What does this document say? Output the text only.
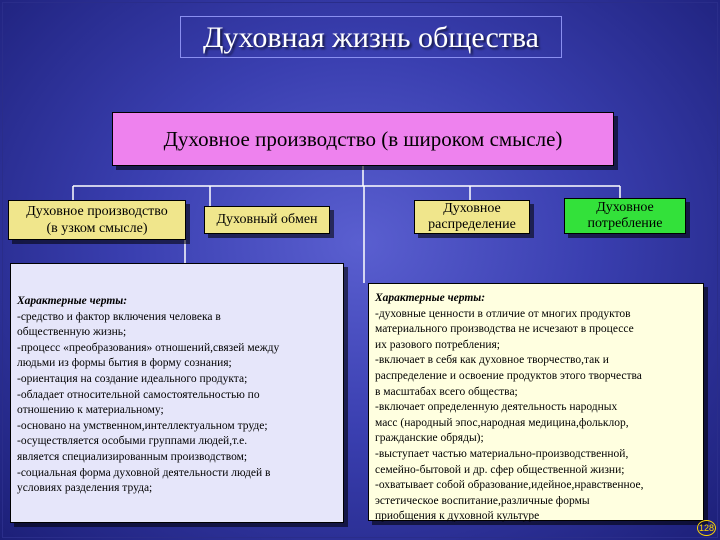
Духовная жизнь общества
Духовное производство (в широком смысле)
Духовное производство
(в узком смысле)
Духовный обмен
Духовное
распределение
Духовное
потребление
Характерные черты:
-средство и фактор включения человека в
общественную жизнь;
-процесс «преобразования» отношений,связей между
людьми из формы бытия в форму сознания;
-ориентация на создание идеального продукта;
-обладает относительной самостоятельностью по
отношению к материальному;
-основано на умственном,интеллектуальном труде;
-осуществляется особыми группами людей,т.е.
является специализированным производством;
-социальная форма духовной деятельности людей в
условиях разделения труда;
Характерные черты:
-духовные ценности в отличие от многих продуктов
материального производства не исчезают в процессе
их разового потребления;
-включает в себя как духовное творчество,так и
распределение и освоение продуктов этого творчества
в масштабах всего общества;
-включает определенную деятельность народных
масс (народный эпос,народная медицина,фольклор,
гражданские обряды);
-выступает частью материально-производственной,
семейно-бытовой и др. сфер общественной жизни;
-охватывает собой образование,идейное,нравственное,
эстетическое воспитание,различные формы
приобщения к духовной культуре
128
